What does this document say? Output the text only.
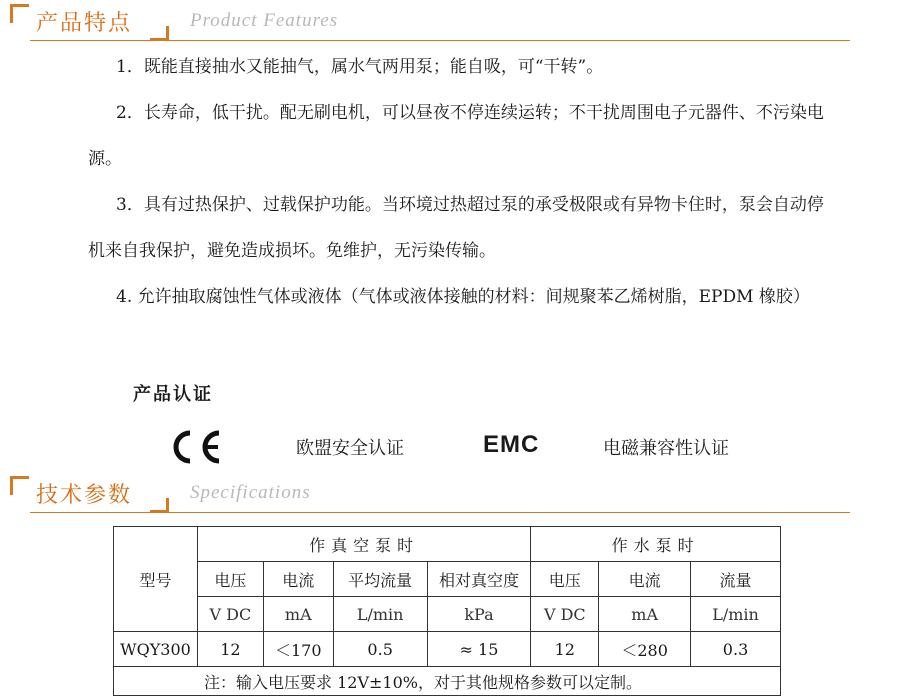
产品特点	Product Features

1．既能直接抽水又能抽气，属水气两用泵；能自吸，可“干转”。

2．长寿命，低干扰。配无刷电机，可以昼夜不停连续运转；不干扰周围电子元器件、不污染电源。

3．具有过热保护、过载保护功能。当环境过热超过泵的承受极限或有异物卡住时，泵会自动停机来自我保护，避免造成损坏。免维护，无污染传输。

4. 允许抽取腐蚀性气体或液体（气体或液体接触的材料：间规聚苯乙烯树脂，EPDM 橡胶）

产品认证
欧盟安全认证	EMC	电磁兼容性认证
技术参数	Specifications
型号	作真空泵时				作水泵时		
	电压	电流	平均流量	相对真空度	电压	电流	流量
	V DC	mA	L/min	kPa	V DC	mA	L/min
WQY300	12	＜170	0.5	≈ 15	12	＜280	0.3
注：输入电压要求 12V±10%，对于其他规格参数可以定制。							
